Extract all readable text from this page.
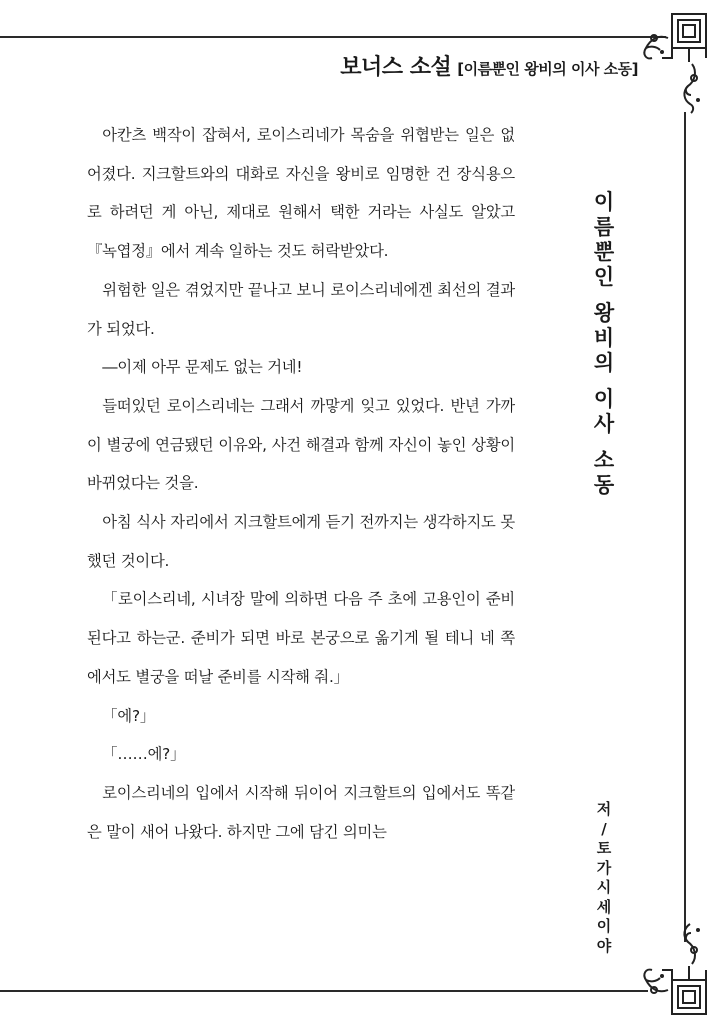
보너스 소설 [이름뿐인 왕비의 이사 소동]

아칸츠 백작이 잡혀서, 로이스리네가 목숨을 위협받는 일은 없어졌다. 지크할트와의 대화로 자신을 왕비로 임명한 건 장식용으로 하려던 게 아닌, 제대로 원해서 택한 거라는 사실도 알았고 『녹엽정』에서 계속 일하는 것도 허락받았다.

위험한 일은 겪었지만 끝나고 보니 로이스리네에겐 최선의 결과가 되었다.

―이제 아무 문제도 없는 거네!

들떠있던 로이스리네는 그래서 까맣게 잊고 있었다. 반년 가까이 별궁에 연금됐던 이유와, 사건 해결과 함께 자신이 놓인 상황이 바뀌었다는 것을.

아침 식사 자리에서 지크할트에게 듣기 전까지는 생각하지도 못 했던 것이다.

「로이스리네, 시녀장 말에 의하면 다음 주 초에 고용인이 준비된다고 하는군. 준비가 되면 바로 본궁으로 옮기게 될 테니 네 쪽에서도 별궁을 떠날 준비를 시작해 줘.」

「에?」

「……에?」

로이스리네의 입에서 시작해 뒤이어 지크할트의 입에서도 똑같은 말이 새어 나왔다. 하지만 그에 담긴 의미는

이
름
뿐
인
왕
비
의
이
사
소
동
저
/
토
가
시
세
이
야
